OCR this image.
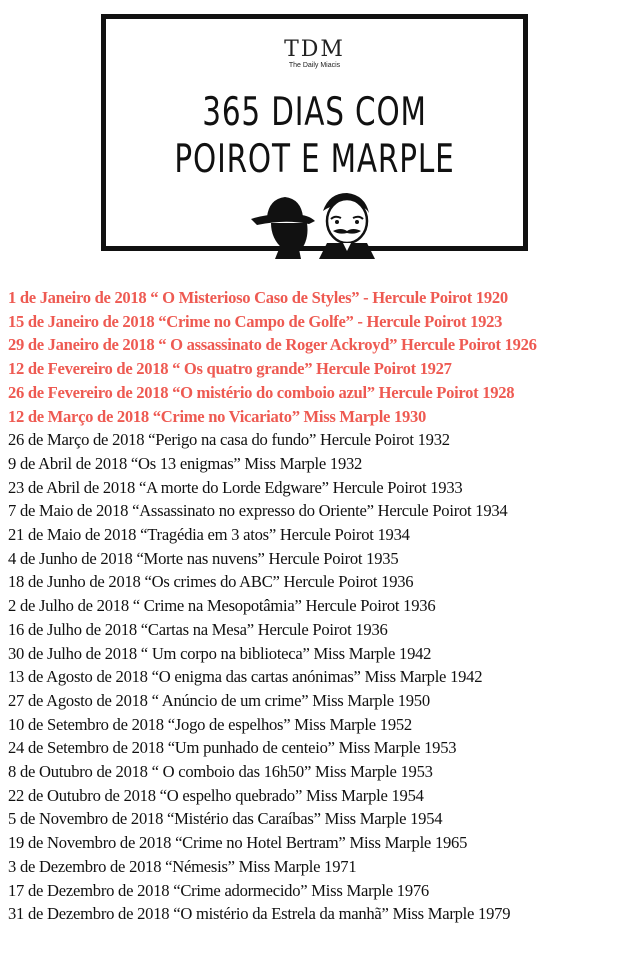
TDM
The Daily Miacis
365 DIAS COM
POIROT E MARPLE
1 de Janeiro de 2018 “ O Misterioso Caso de Styles” - Hercule Poirot 1920
15 de Janeiro de 2018 “Crime no Campo de Golfe” - Hercule Poirot 1923
29 de Janeiro de 2018 “ O assassinato de Roger Ackroyd” Hercule Poirot 1926
12 de Fevereiro de 2018 “ Os quatro grande” Hercule Poirot 1927
26 de Fevereiro de 2018 “O mistério do comboio azul” Hercule Poirot 1928
12 de Março de 2018 “Crime no Vicariato” Miss Marple 1930
26 de Março de 2018 “Perigo na casa do fundo” Hercule Poirot 1932
9 de Abril de 2018 “Os 13 enigmas” Miss Marple 1932
23 de Abril de 2018 “A morte do Lorde Edgware” Hercule Poirot 1933
7 de Maio de 2018 “Assassinato no expresso do Oriente” Hercule Poirot 1934
21 de Maio de 2018 “Tragédia em 3 atos” Hercule Poirot 1934
4 de Junho de 2018 “Morte nas nuvens” Hercule Poirot 1935
18 de Junho de 2018 “Os crimes do ABC” Hercule Poirot 1936
2 de Julho de 2018 “ Crime na Mesopotâmia” Hercule Poirot 1936
16 de Julho de 2018 “Cartas na Mesa” Hercule Poirot 1936
30 de Julho de 2018 “ Um corpo na biblioteca” Miss Marple 1942
13 de Agosto de 2018 “O enigma das cartas anónimas” Miss Marple 1942
27 de Agosto de 2018 “ Anúncio de um crime” Miss Marple 1950
10 de Setembro de 2018 “Jogo de espelhos” Miss Marple 1952
24 de Setembro de 2018 “Um punhado de centeio” Miss Marple 1953
8 de Outubro de 2018 “ O comboio das 16h50” Miss Marple 1953
22 de Outubro de 2018 “O espelho quebrado” Miss Marple 1954
5 de Novembro de 2018 “Mistério das Caraíbas” Miss Marple 1954
19 de Novembro de 2018 “Crime no Hotel Bertram” Miss Marple 1965
3 de Dezembro de 2018 “Némesis” Miss Marple 1971
17 de Dezembro de 2018 “Crime adormecido” Miss Marple 1976
31 de Dezembro de 2018 “O mistério da Estrela da manhã” Miss Marple 1979
